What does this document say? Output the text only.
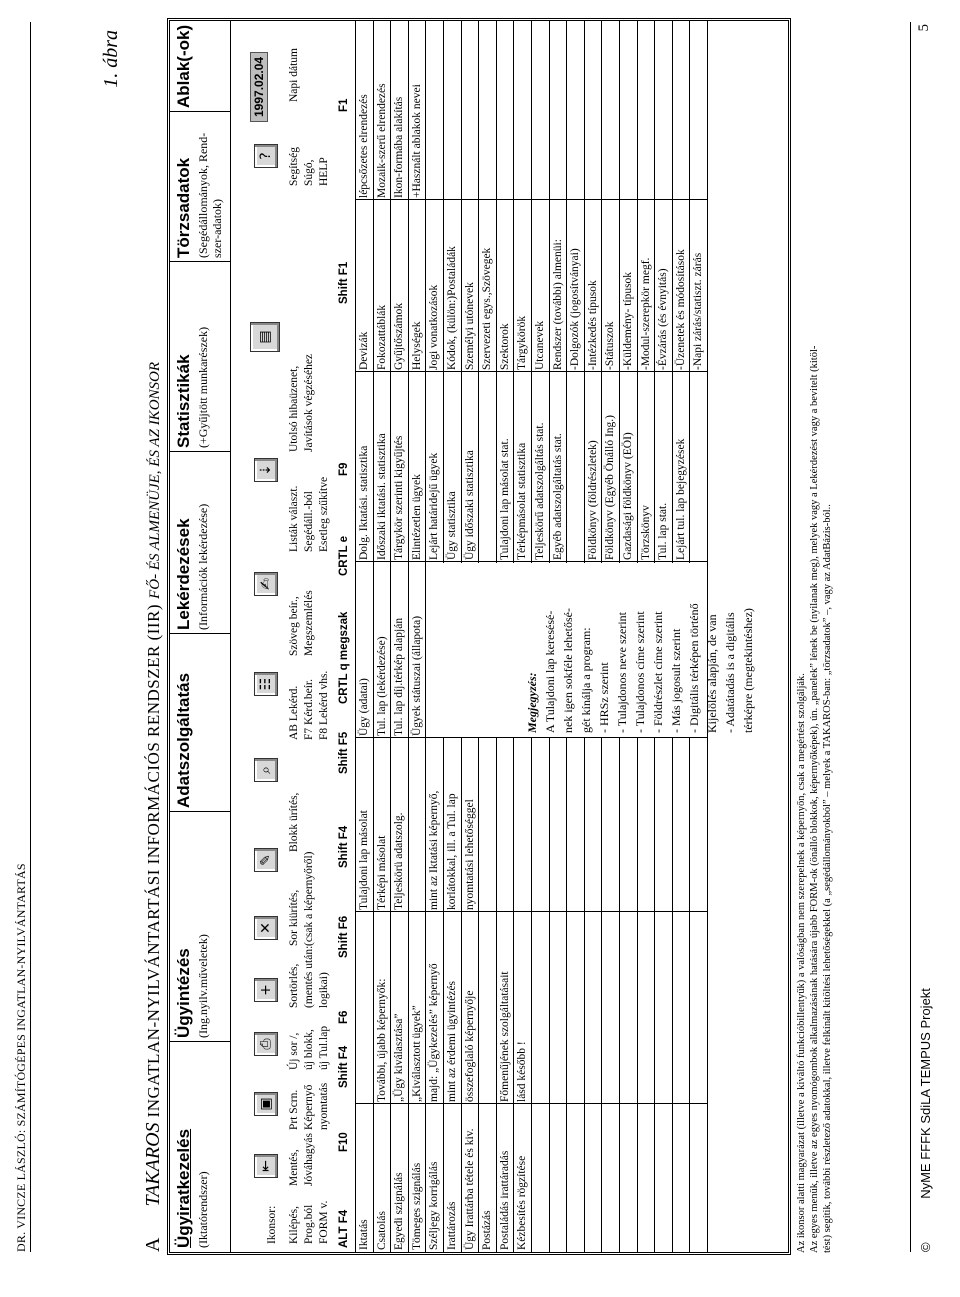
DR. VINCZE LÁSZLÓ: SZÁMÍTÓGÉPES INGATLAN-NYILVÁNTARTÁS	A TAKAROS INGATLAN-NYILVÁNTARTÁSI INFORMÁCIÓS RENDSZER (IIR) FŐ- ÉS ALMENÜJE, ÉS AZ IKONSOR
1. ábra
Ügyiratkezelés (Iktatórendszer)
Ügyintézés (Ing.nyilv.műveletek)
Adatszolgáltatás
Lekérdezések (Információk lekérdezése)
Statisztikák (+Gyűjtött munkarészek)
Törzsadatok (Segédállományok, Rend- szer-adatok)
Ablak(-ok)
Ikonsor:
⇤
▣
⎙
+
✕
✎
⌕
☷
✍
⇣
▤
?
1997.02.04
Kilépés,
Mentés,
Prt Scrn.
Új sor /,
Sortörlés,
Sor kiürítés,
Blokk ürítés,
AB Lekérd.
Szöveg beír.,
Listák választ.
Utolsó hibaüzenet,
Segítség
Napi dátum
Prog.ból
Jóváhagyás
Képernyő
új blokk,
(mentés után:
(csak a képernyőről)
F7 Kérd.beír.
Megszemlélés
Segédáll.-ból
Javítások végzéséhez
Súgó,
FORM v.
nyomtatás
új Tul.lap
logikai)
F8 Lekérd vhs.
Esetleg szűkítve
HELP
ALT F4
F10
Shift F4
F6
Shift F6
Shift F4
Shift F5
CRTL q megszak
CRTL e
F9
Shift F1
F1
Iktatás
Tulajdoni lap másolat
Ügy (adatai)
Dolg. Iktatási. statisztika
Devizák
lépcsőzetes elrendezés
Csatolás
További, újabb képernyők:
Térképi másolat
Tul. lap (lekérdezése)
Időszaki iktatási. statisztika
Fokozattáblák
Mozaik-szerű elrendezés
Egyedi szignálás
„Ügy kiválasztása”
Teljeskörü adatszolg.
Tul. lap díj.térkép alapján
Tárgykör szerinti kigyűjtés
Gyűjtőszámok
Ikon-formába alakítás
Tömeges szignálás
„Kiválasztott ügyek”
Ügyek státuszai (állapota)
Elintézetlen ügyek
Helységek
+Használt ablakok nevei
Széljegy korrigálás
majd: „Ügykezelés” képernyő
mint az Iktatási képernyő,
Lejárt határidejű ügyek
Jogi vonatkozások
Irattározás
mint az érdemi ügyintézés
korlátokkal, ill. a Tul. lap
Ügy statisztika
Kódok, (külön:)Postaládák
Ügy Irattárba tétele és kiv.
összefoglaló képernyője
nyomtatási lehetőséggel
Ügy időszaki statisztika
Személyi utónevek
Postázás
Szervezeti egys.,Szövegek
Postaládás irattáradás
Főmenűjének szolgáltatásait
Tulajdoni lap másolat stat.
Szektorok
Kézbesítés rögzítése
lásd később !
Térképmásolat statisztika
Tárgykörök
Teljeskörű adatszolgáltás stat.
Utcanevek
Egyéb adatszolgáltatás stat.
Rendszer (további) almenüi: -Dolgozók (jogosítványai)
Földkönyv (földrészletek)
-Intézkedés típusok
Földkönyv (Egyéb Önálló Ing.)
-Státuszok
Gazdasági földkönyv (EÖI)
-Küldemény- típusok
Törzskönyv
-Modul-szerepkör megf.
Tul. lap stat.
-Évzárás (és évnyitás)
Lejárt tul. lap bejegyzések
-Üzenetek és módosítások -Napi zárás/statiszt. zárás
Megjegyzés: A Tulajdoni lap keresésé- nek igen sokféle lehetősé- gét kínálja a program: - HRSz szerint - Tulajdonos neve szerint - Tulajdonos címe szerint - Földrészlet címe szerint - Más jogosult szerint - Digitális térképen történő Kijelölés alapján, de van - Adatátadás is a digitális térképre (megtekintéshez)
Az ikonsor alatti magyarázat (illetve a kiváltó funkcióbillentyűk) a valóságban nem szerepelnek a képernyőn, csak a megértést szolgálják. Az egyes menük, illetve az egyes nyomógombok alkalmazásának hatására újabb FORM-ok (önálló blokkok, képernyőképek), ún. „panelek” lének be (nyilanak meg), melyek vagy a Lekérdezést vagy a bevitelt (kitöl- tést) segítik, további részletező adatokkal, illetve felkínált kitöltési lehetőségekkel (a „segédállományokból” – melyek a TAKAROS-ban: „törzsadatok” –, vagy az AdatBázis-ból..	© NyME FFFK SdiLA TEMPUS Projekt
5
